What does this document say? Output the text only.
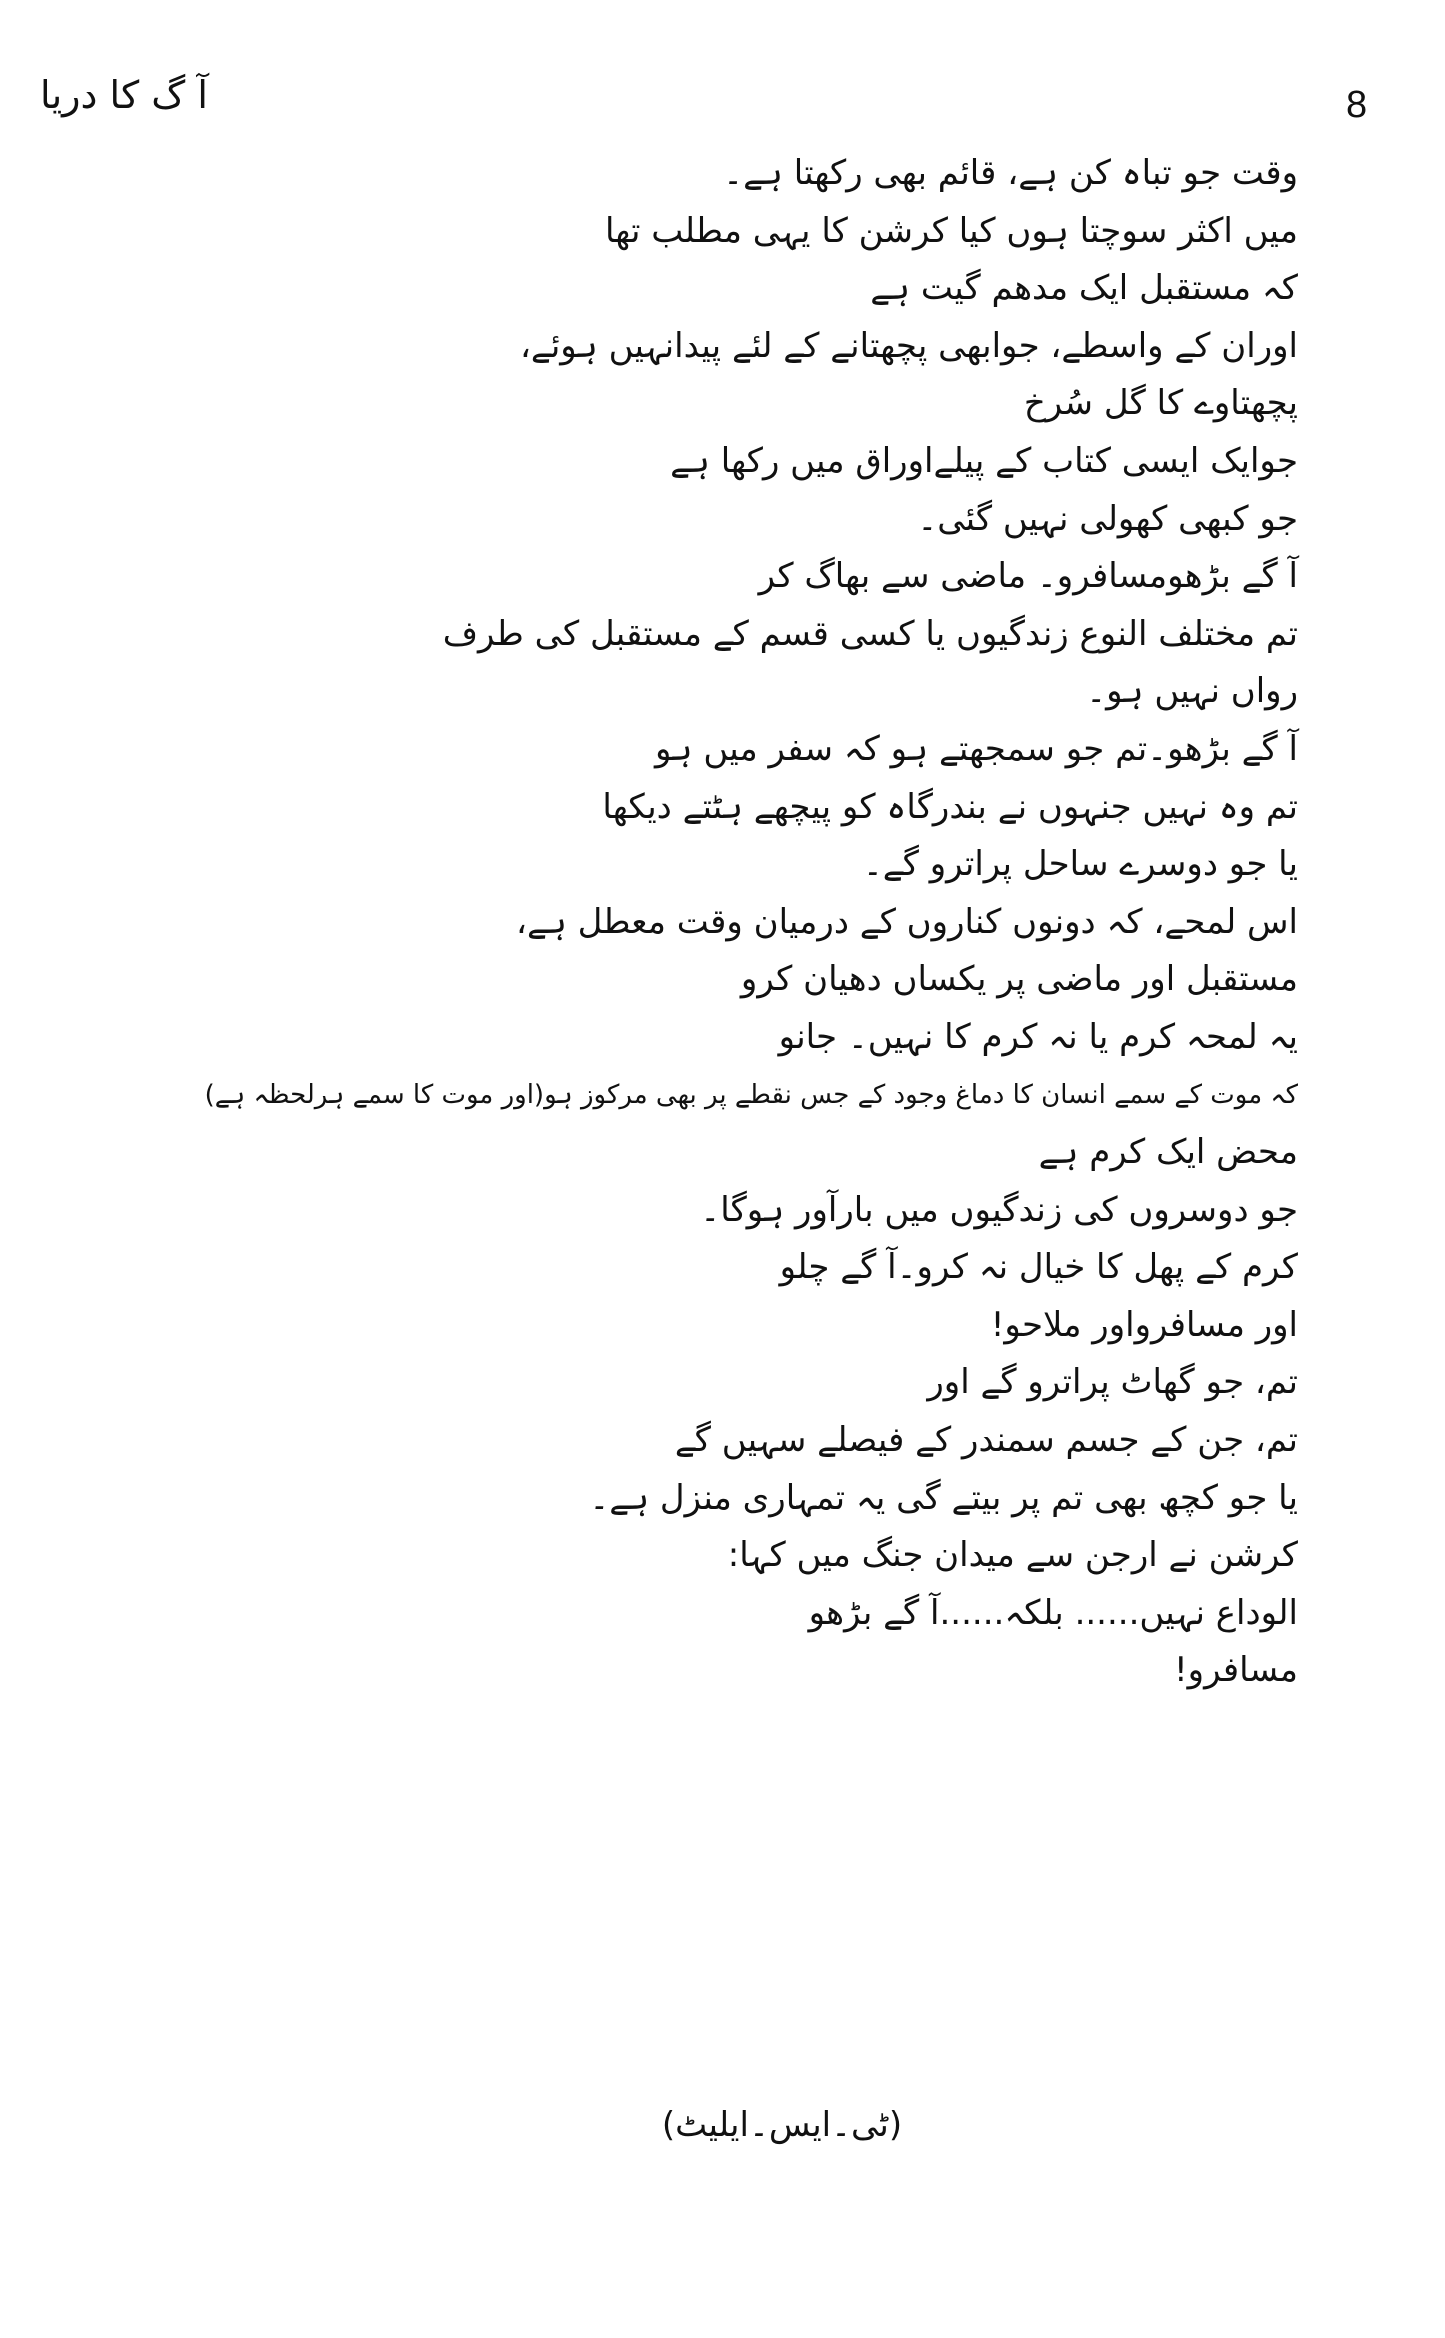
آ گ کا دریا	8
وقت جو تباہ کن ہے، قائم بھی رکھتا ہے۔
میں اکثر سوچتا ہوں کیا کرشن کا یہی مطلب تھا
کہ مستقبل ایک مدھم گیت ہے
اوران کے واسطے، جوابھی پچھتانے کے لئے پیدانہیں ہوئے،
پچھتاوے کا گل سُرخ
جوایک ایسی کتاب کے پیلےاوراق میں رکھا ہے
جو کبھی کھولی نہیں گئی۔
آ گے بڑھومسافرو۔ ماضی سے بھاگ کر
تم مختلف النوع زندگیوں یا کسی قسم کے مستقبل کی طرف
رواں نہیں ہو۔
آ گے بڑھو۔تم جو سمجھتے ہو کہ سفر میں ہو
تم وہ نہیں جنہوں نے بندرگاہ کو پیچھے ہٹتے دیکھا
یا جو دوسرے ساحل پراترو گے۔
اس لمحے، کہ دونوں کناروں کے درمیان وقت معطل ہے،
مستقبل اور ماضی پر یکساں دھیان کرو
یہ لمحہ کرم یا نہ کرم کا نہیں۔ جانو
کہ موت کے سمے انسان کا دماغ وجود کے جس نقطے پر بھی مرکوز ہو(اور موت کا سمے ہرلحظہ ہے)
محض ایک کرم ہے
جو دوسروں کی زندگیوں میں بارآور ہوگا۔
کرم کے پھل کا خیال نہ کرو۔آ گے چلو
اور مسافرواور ملاحو!
تم، جو گھاٹ پراترو گے اور
تم، جن کے جسم سمندر کے فیصلے سہیں گے
یا جو کچھ بھی تم پر بیتے گی یہ تمہاری منزل ہے۔
کرشن نے ارجن سے میدان جنگ میں کہا:
الوداع نہیں...... بلکہ......آ گے بڑھو
مسافرو!
(ٹی۔ایس۔ایلیٹ)
